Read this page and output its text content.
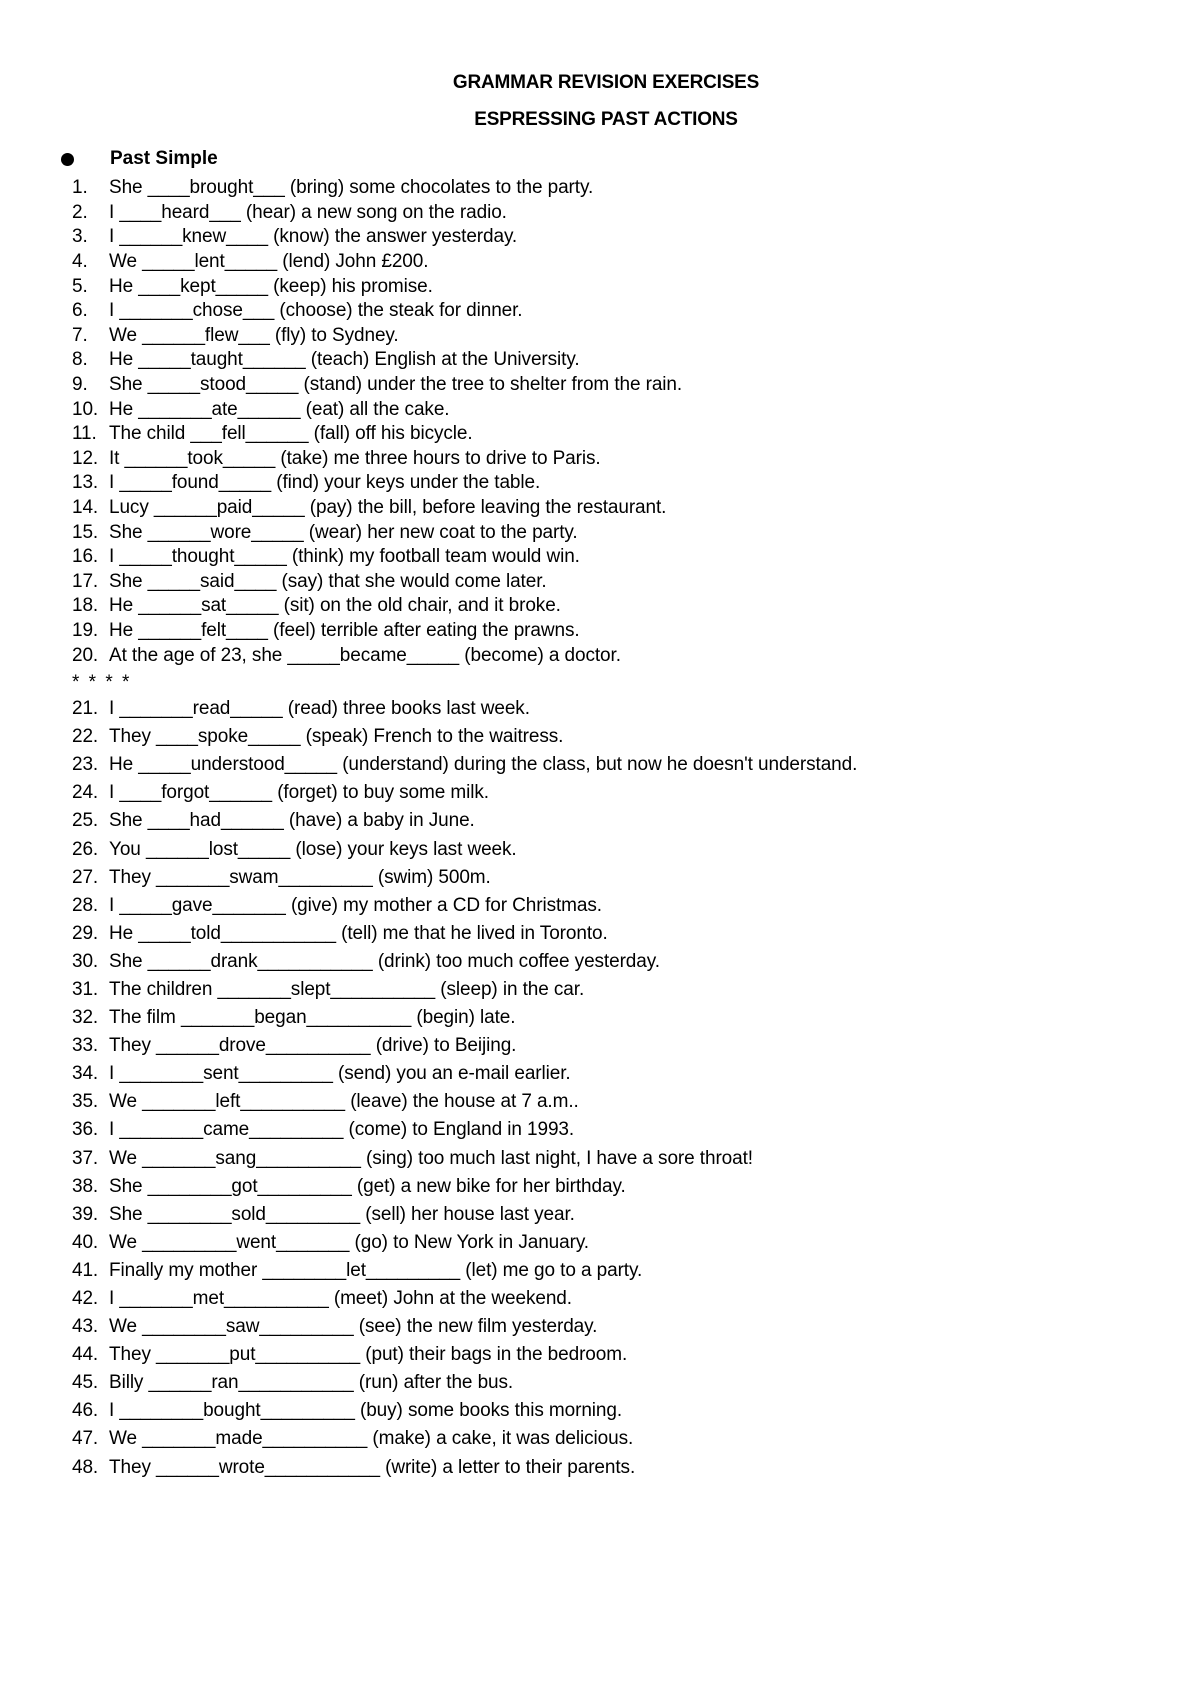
GRAMMAR REVISION EXERCISES
ESPRESSING PAST ACTIONS
Past Simple
1.	She ____brought___ (bring) some chocolates to the party.
2.	I ____heard___ (hear) a new song on the radio.
3.	I ______knew____ (know) the answer yesterday.
4.	We _____lent_____ (lend) John £200.
5.	He ____kept_____ (keep) his promise.
6.	I _______chose___ (choose) the steak for dinner.
7.	We ______flew___ (fly) to Sydney.
8.	He _____taught______ (teach) English at the University.
9.	She _____stood_____ (stand) under the tree to shelter from the rain.
10. He _______ate______ (eat) all the cake.
11. The child ___fell______ (fall) off his bicycle.
12. It ______took_____ (take) me three hours to drive to Paris.
13. I _____found_____ (find) your keys under the table.
14. Lucy ______paid_____ (pay) the bill, before leaving the restaurant.
15. She ______wore_____ (wear) her new coat to the party.
16. I _____thought_____ (think) my football team would win.
17. She _____said____ (say) that she would come later.
18. He ______sat_____ (sit) on the old chair, and it broke.
19. He ______felt____ (feel) terrible after eating the prawns.
20. At the age of 23, she _____became_____ (become) a doctor.
* * * *
21. I _______read_____ (read) three books last week.
22. They ____spoke_____ (speak) French to the waitress.
23. He _____understood_____ (understand) during the class, but now he doesn't understand.
24. I ____forgot______ (forget) to buy some milk.
25. She ____had______ (have) a baby in June.
26. You ______lost_____ (lose) your keys last week.
27. They _______swam_________ (swim) 500m.
28. I _____gave_______ (give) my mother a CD for Christmas.
29. He _____told___________ (tell) me that he lived in Toronto.
30. She ______drank___________ (drink) too much coffee yesterday.
31. The children _______slept__________ (sleep) in the car.
32. The film _______began__________ (begin) late.
33. They ______drove__________ (drive) to Beijing.
34. I ________sent_________ (send) you an e-mail earlier.
35. We _______left__________ (leave) the house at 7 a.m..
36. I ________came_________ (come) to England in 1993.
37. We _______sang__________ (sing) too much last night, I have a sore throat!
38. She ________got_________ (get) a new bike for her birthday.
39. She ________sold_________ (sell) her house last year.
40. We _________went_______ (go) to New York in January.
41. Finally my mother ________let_________ (let) me go to a party.
42. I _______met__________ (meet) John at the weekend.
43. We ________saw_________ (see) the new film yesterday.
44. They _______put__________ (put) their bags in the bedroom.
45. Billy ______ran___________ (run) after the bus.
46. I ________bought_________ (buy) some books this morning.
47. We _______made__________ (make) a cake, it was delicious.
48. They ______wrote___________ (write) a letter to their parents.
